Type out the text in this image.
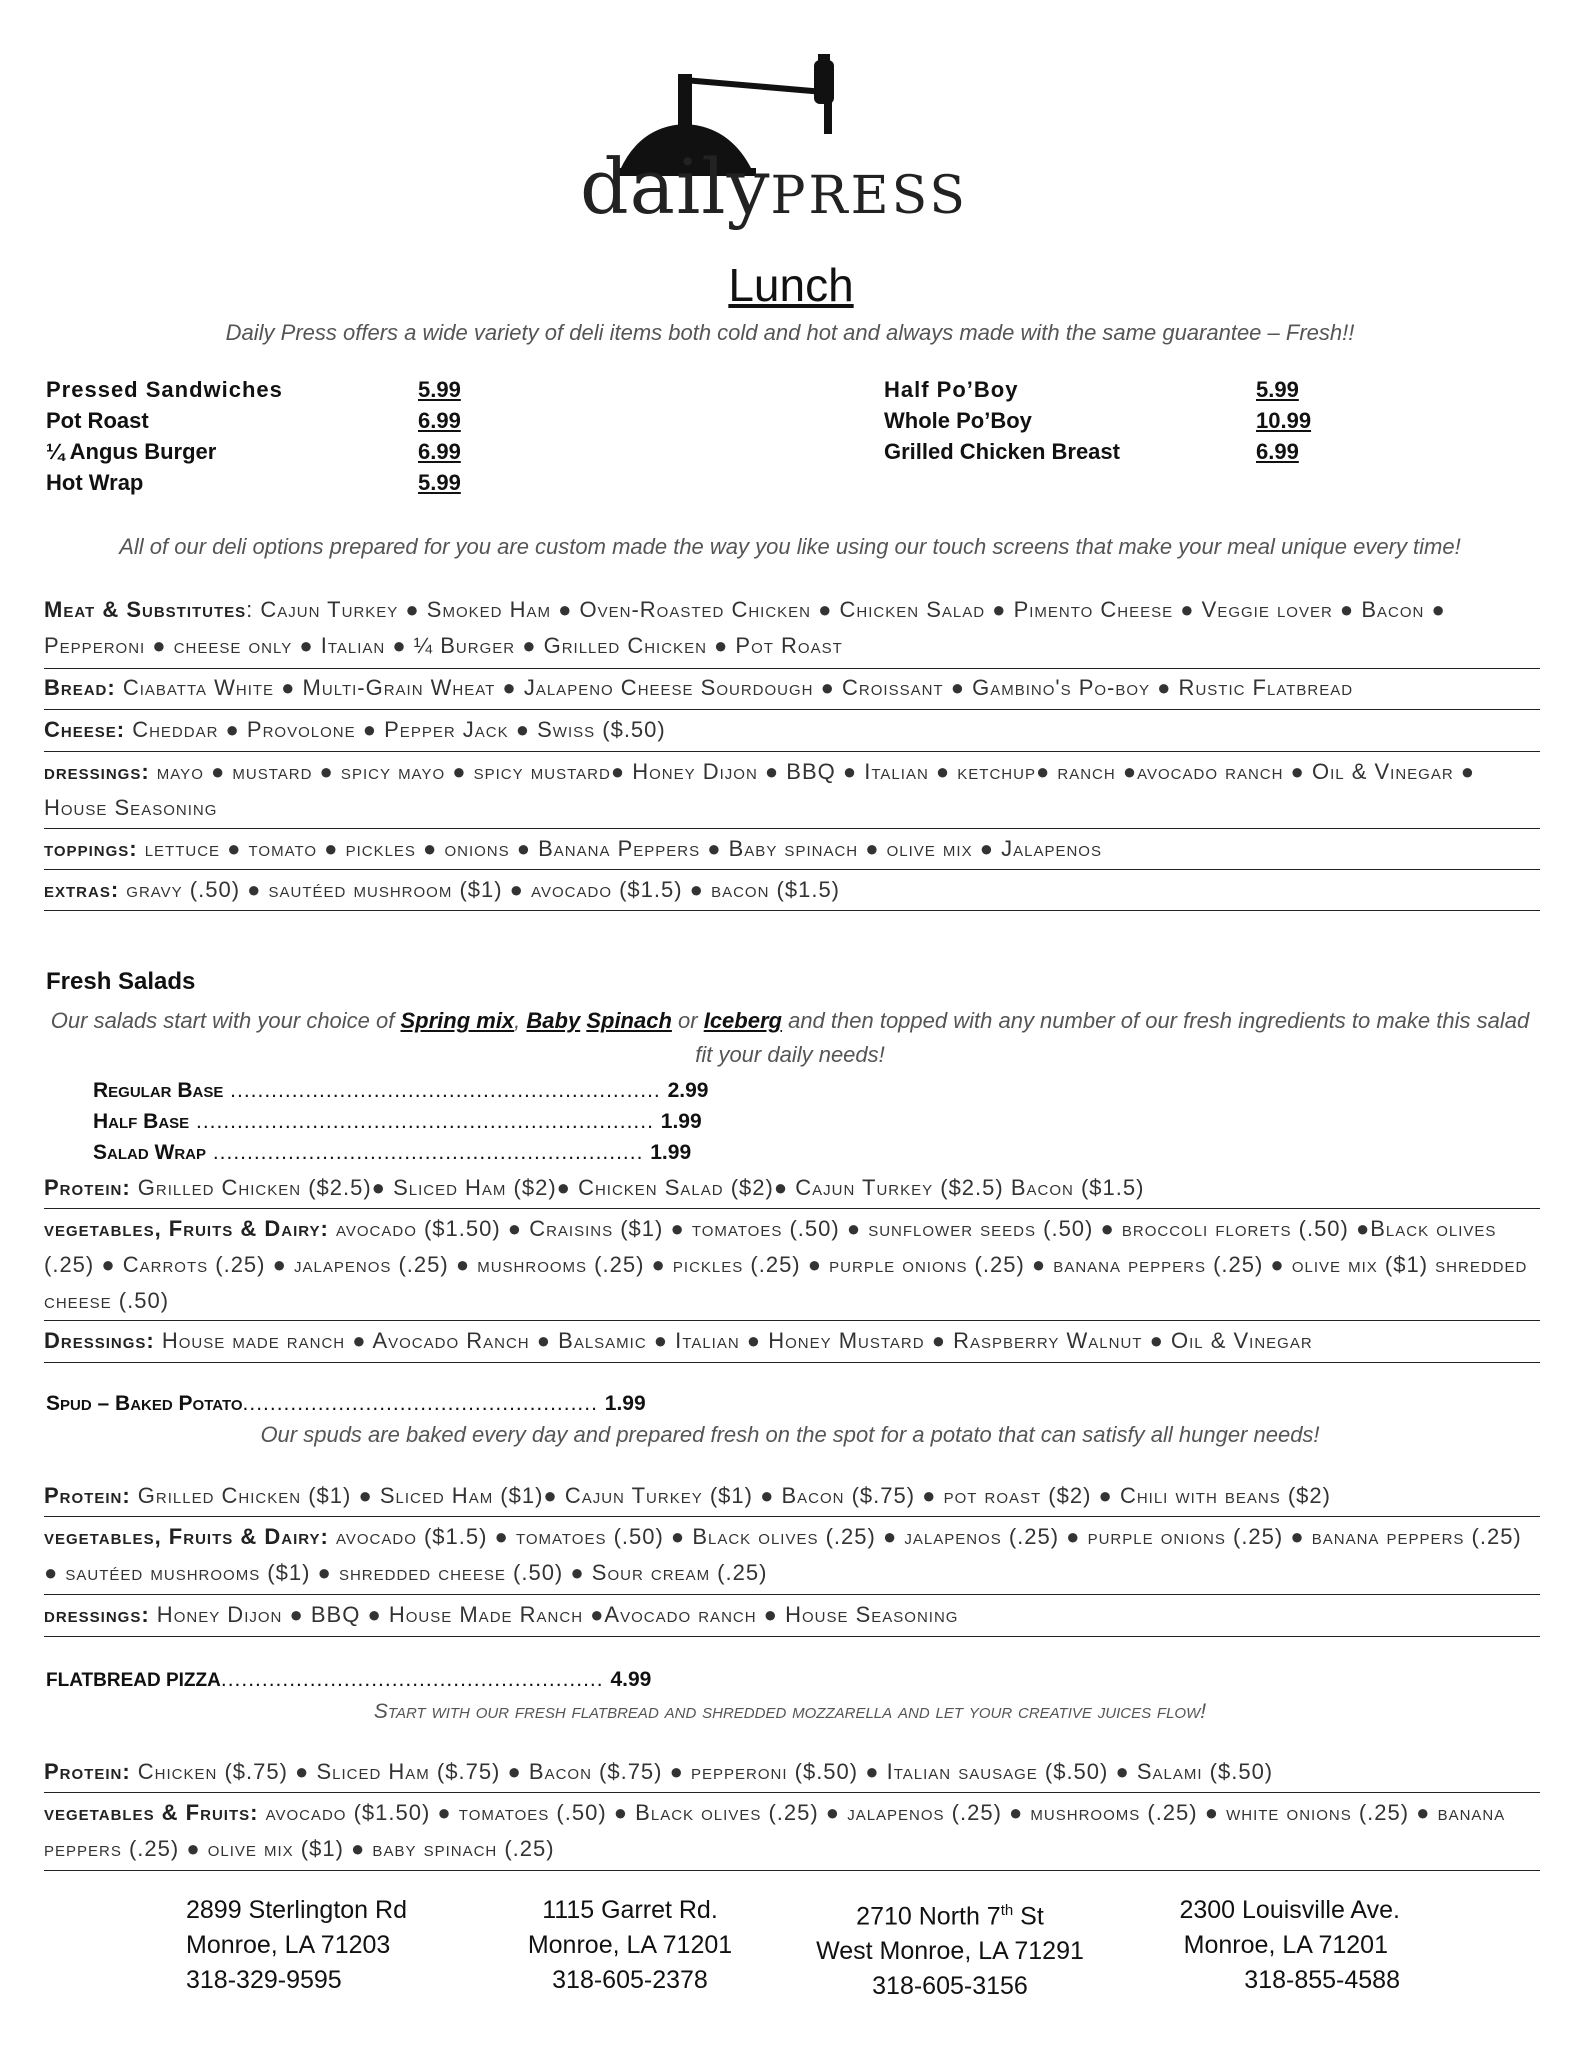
dailyPRESS
Lunch
Daily Press offers a wide variety of deli items both cold and hot and always made with the same guarantee – Fresh!!
Pressed Sandwiches	5.99
Pot Roast	6.99
¼ Angus Burger	6.99
Hot Wrap	5.99
Half Po’Boy	5.99
Whole Po’Boy	10.99
Grilled Chicken Breast	6.99
All of our deli options prepared for you are custom made the way you like using our touch screens that make your meal unique every time!
Meat & Substitutes: Cajun Turkey ● Smoked Ham ● Oven-Roasted Chicken ● Chicken Salad ● Pimento Cheese ● Veggie lover ● Bacon ● Pepperoni ● cheese only ● Italian ● ¼ Burger ● Grilled Chicken ● Pot Roast
Bread: Ciabatta White ● Multi-Grain Wheat ● Jalapeno Cheese Sourdough ● Croissant ● Gambino's Po-boy ● Rustic Flatbread
Cheese: Cheddar ● Provolone ● Pepper Jack ● Swiss ($.50)
dressings: mayo ● mustard ● spicy mayo ● spicy mustard● Honey Dijon ● BBQ ● Italian ● ketchup● ranch ●avocado ranch ● Oil & Vinegar ● House Seasoning
toppings: lettuce ● tomato ● pickles ● onions ● Banana Peppers ● Baby spinach ● olive mix ● Jalapenos
extras: gravy (.50) ● sautéed mushroom ($1) ● avocado ($1.5) ● bacon ($1.5)
Fresh Salads
Our salads start with your choice of Spring mix, Baby Spinach or Iceberg and then topped with any number of our fresh ingredients to make this salad fit your daily needs!
Regular Base ............................................................... 2.99
Half Base ................................................................... 1.99
Salad Wrap ............................................................... 1.99
Protein: Grilled Chicken ($2.5)● Sliced Ham ($2)● Chicken Salad ($2)● Cajun Turkey ($2.5) Bacon ($1.5)
vegetables, Fruits & Dairy: avocado ($1.50) ● Craisins ($1) ● tomatoes (.50) ● sunflower seeds (.50) ● broccoli florets (.50) ●Black olives (.25) ● Carrots (.25) ● jalapenos (.25) ● mushrooms (.25) ● pickles (.25) ● purple onions (.25) ● banana peppers (.25) ● olive mix ($1) shredded cheese (.50)
Dressings: House made ranch ● Avocado Ranch ● Balsamic ● Italian ● Honey Mustard ● Raspberry Walnut ● Oil & Vinegar
Spud – Baked Potato.................................................... 1.99
Our spuds are baked every day and prepared fresh on the spot for a potato that can satisfy all hunger needs!
Protein: Grilled Chicken ($1) ● Sliced Ham ($1)● Cajun Turkey ($1) ● Bacon ($.75) ● pot roast ($2) ● Chili with beans ($2)
vegetables, Fruits & Dairy: avocado ($1.5) ● tomatoes (.50) ● Black olives (.25) ● jalapenos (.25) ● purple onions (.25) ● banana peppers (.25) ● sautéed mushrooms ($1) ● shredded cheese (.50) ● Sour cream (.25)
dressings: Honey Dijon ● BBQ ● House Made Ranch ●Avocado ranch ● House Seasoning
FLATBREAD PIZZA........................................................ 4.99
Start with our fresh flatbread and shredded mozzarella and let your creative juices flow!
Protein: Chicken ($.75) ● Sliced Ham ($.75) ● Bacon ($.75) ● pepperoni ($.50) ● Italian sausage ($.50) ● Salami ($.50)
vegetables & Fruits: avocado ($1.50) ● tomatoes (.50) ● Black olives (.25) ● jalapenos (.25) ● mushrooms (.25) ● white onions (.25) ● banana peppers (.25) ● olive mix ($1) ● baby spinach (.25)
2899 Sterlington Rd
Monroe, LA 71203
318-329-9595
1115 Garret Rd.
Monroe, LA 71201
318-605-2378
2710 North 7th St
West Monroe, LA 71291
318-605-3156
2300 Louisville Ave.
Monroe, LA 71201
318-855-4588
